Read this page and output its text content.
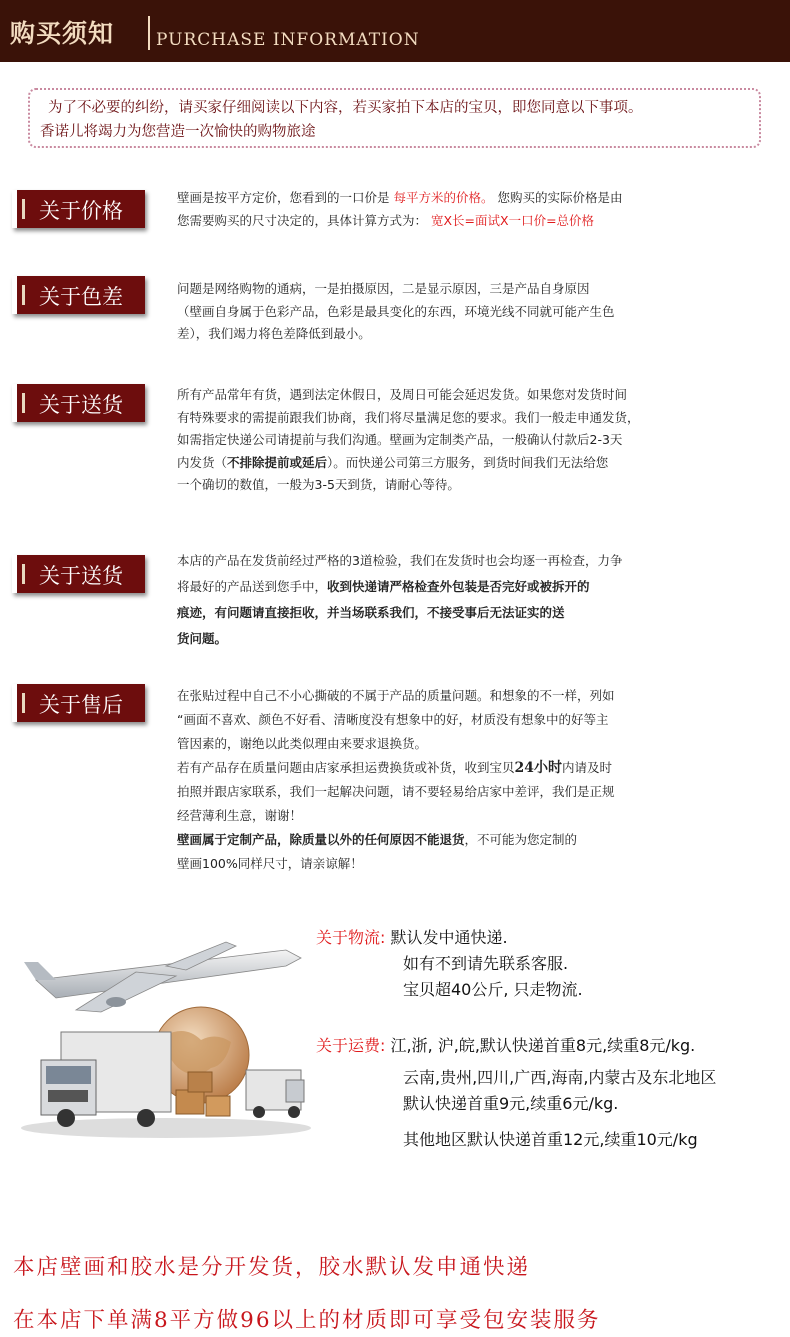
购买须知 PURCHASE INFORMATION

为了不必要的纠纷，请买家仔细阅读以下内容，若买家拍下本店的宝贝，即您同意以下事项。

香诺儿将竭力为您营造一次愉快的购物旅途

关于价格

壁画是按平方定价，您看到的一口价是 每平方米的价格。 您购买的实际价格是由

您需要购买的尺寸决定的，具体计算方式为： 宽X长=面试X一口价=总价格

关于色差	问题是网络购物的通病，一是拍摄原因，二是显示原因，三是产品自身原因

（壁画自身属于色彩产品，色彩是最具变化的东西，环境光线不同就可能产生色

差），我们竭力将色差降低到最小。

关于送货	所有产品常年有货，遇到法定休假日，及周日可能会延迟发货。如果您对发货时间

有特殊要求的需提前跟我们协商，我们将尽量满足您的要求。我们一般走申通发货，

如需指定快递公司请提前与我们沟通。壁画为定制类产品，一般确认付款后2-3天

内发货（不排除提前或延后）。而快递公司第三方服务，到货时间我们无法给您

一个确切的数值，一般为3-5天到货，请耐心等待。

关于送货

本店的产品在发货前经过严格的3道检验，我们在发货时也会均逐一再检查，力争

将最好的产品送到您手中，收到快递请严格检查外包装是否完好或被拆开的

痕迹，有问题请直接拒收，并当场联系我们，不接受事后无法证实的送

货问题。

关于售后	在张贴过程中自己不小心撕破的不属于产品的质量问题。和想象的不一样，列如

“画面不喜欢、颜色不好看、清晰度没有想象中的好，材质没有想象中的好等主

管因素的，谢绝以此类似理由来要求退换货。

若有产品存在质量问题由店家承担运费换货或补货，收到宝贝24小时内请及时

拍照并跟店家联系，我们一起解决问题，请不要轻易给店家中差评，我们是正规

经营薄利生意，谢谢！

壁画属于定制产品，除质量以外的任何原因不能退货，不可能为您定制的

壁画100%同样尺寸，请亲谅解！

关于物流: 默认发中通快递.
如有不到请先联系客服.
宝贝超40公斤, 只走物流.
关于运费: 江,浙, 沪,皖,默认快递首重8元,续重8元/kg.
云南,贵州,四川,广西,海南,内蒙古及东北地区
默认快递首重9元,续重6元/kg.
其他地区默认快递首重12元,续重10元/kg
本店壁画和胶水是分开发货，胶水默认发申通快递
在本店下单满8平方做96以上的材质即可享受包安装服务
